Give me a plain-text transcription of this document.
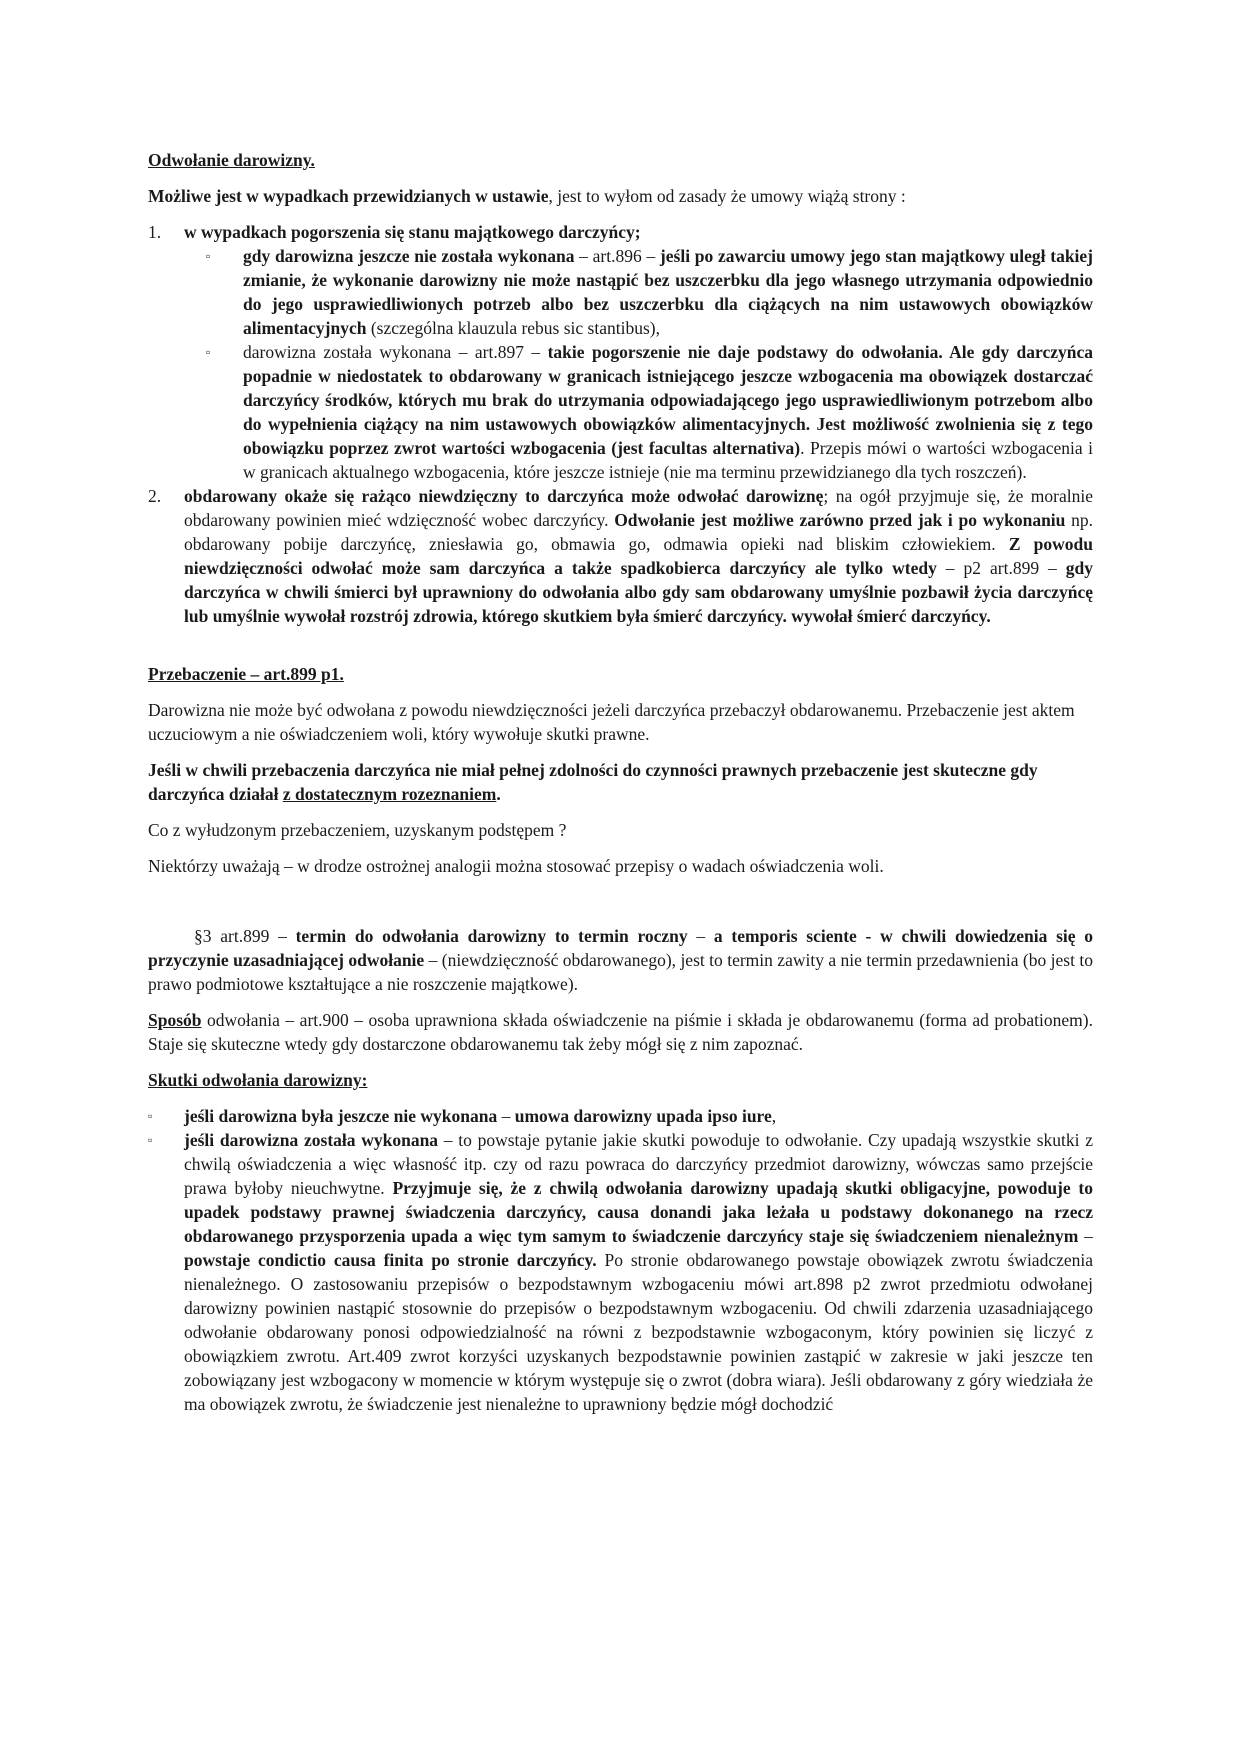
Odwołanie darowizny.

Możliwe jest w wypadkach przewidzianych w ustawie, jest to wyłom od zasady że umowy wiążą strony :

1.	w wypadkach pogorszenia się stanu majątkowego darczyńcy;
▫	gdy darowizna jeszcze nie została wykonana – art.896 – jeśli po zawarciu umowy jego stan majątkowy uległ takiej zmianie, że wykonanie darowizny nie może nastąpić bez uszczerbku dla jego własnego utrzymania odpowiednio do jego usprawiedliwionych potrzeb albo bez uszczerbku dla ciążących na nim ustawowych obowiązków alimentacyjnych (szczególna klauzula rebus sic stantibus),

▫	darowizna została wykonana – art.897 – takie pogorszenie nie daje podstawy do odwołania. Ale gdy darczyńca popadnie w niedostatek to obdarowany w granicach istniejącego jeszcze wzbogacenia ma obowiązek dostarczać darczyńcy środków, których mu brak do utrzymania odpowiadającego jego usprawiedliwionym potrzebom albo do wypełnienia ciążący na nim ustawowych obowiązków alimentacyjnych. Jest możliwość zwolnienia się z tego obowiązku poprzez zwrot wartości wzbogacenia (jest facultas alternativa). Przepis mówi o wartości wzbogacenia i w granicach aktualnego wzbogacenia, które jeszcze istnieje (nie ma terminu przewidzianego dla tych roszczeń).

2.	obdarowany okaże się rażąco niewdzięczny to darczyńca może odwołać darowiznę; na ogół przyjmuje się, że moralnie obdarowany powinien mieć wdzięczność wobec darczyńcy. Odwołanie jest możliwe zarówno przed jak i po wykonaniu np. obdarowany pobije darczyńcę, zniesławia go, obmawia go, odmawia opieki nad bliskim człowiekiem. Z powodu niewdzięczności odwołać może sam darczyńca a także spadkobierca darczyńcy ale tylko wtedy – p2 art.899 – gdy darczyńca w chwili śmierci był uprawniony do odwołania albo gdy sam obdarowany umyślnie pozbawił życia darczyńcę lub umyślnie wywołał rozstrój zdrowia, którego skutkiem była śmierć darczyńcy. wywołał śmierć darczyńcy.

Przebaczenie – art.899 p1.

Darowizna nie może być odwołana z powodu niewdzięczności jeżeli darczyńca przebaczył obdarowanemu. Przebaczenie jest aktem uczuciowym a nie oświadczeniem woli, który wywołuje skutki prawne.

Jeśli w chwili przebaczenia darczyńca nie miał pełnej zdolności do czynności prawnych przebaczenie jest skuteczne gdy darczyńca działał z dostatecznym rozeznaniem.

Co z wyłudzonym przebaczeniem, uzyskanym podstępem ?

Niektórzy uważają – w drodze ostrożnej analogii można stosować przepisy o wadach oświadczenia woli.

§3 art.899 – termin do odwołania darowizny to termin roczny – a temporis sciente - w chwili dowiedzenia się o przyczynie uzasadniającej odwołanie – (niewdzięczność obdarowanego), jest to termin zawity a nie termin przedawnienia (bo jest to prawo podmiotowe kształtujące a nie roszczenie majątkowe).

Sposób odwołania – art.900 – osoba uprawniona składa oświadczenie na piśmie i składa je obdarowanemu (forma ad probationem). Staje się skuteczne wtedy gdy dostarczone obdarowanemu tak żeby mógł się z nim zapoznać.

Skutki odwołania darowizny:

▫	jeśli darowizna była jeszcze nie wykonana – umowa darowizny upada ipso iure,

▫	jeśli darowizna została wykonana – to powstaje pytanie jakie skutki powoduje to odwołanie. Czy upadają wszystkie skutki z chwilą oświadczenia a więc własność itp. czy od razu powraca do darczyńcy przedmiot darowizny, wówczas samo przejście prawa byłoby nieuchwytne. Przyjmuje się, że z chwilą odwołania darowizny upadają skutki obligacyjne, powoduje to upadek podstawy prawnej świadczenia darczyńcy, causa donandi jaka leżała u podstawy dokonanego na rzecz obdarowanego przysporzenia upada a więc tym samym to świadczenie darczyńcy staje się świadczeniem nienależnym – powstaje condictio causa finita po stronie darczyńcy. Po stronie obdarowanego powstaje obowiązek zwrotu świadczenia nienależnego. O zastosowaniu przepisów o bezpodstawnym wzbogaceniu mówi art.898 p2 zwrot przedmiotu odwołanej darowizny powinien nastąpić stosownie do przepisów o bezpodstawnym wzbogaceniu. Od chwili zdarzenia uzasadniającego odwołanie obdarowany ponosi odpowiedzialność na równi z bezpodstawnie wzbogaconym, który powinien się liczyć z obowiązkiem zwrotu. Art.409 zwrot korzyści uzyskanych bezpodstawnie powinien zastąpić w zakresie w jaki jeszcze ten zobowiązany jest wzbogacony w momencie w którym występuje się o zwrot (dobra wiara). Jeśli obdarowany z góry wiedziała że ma obowiązek zwrotu, że świadczenie jest nienależne to uprawniony będzie mógł dochodzić
